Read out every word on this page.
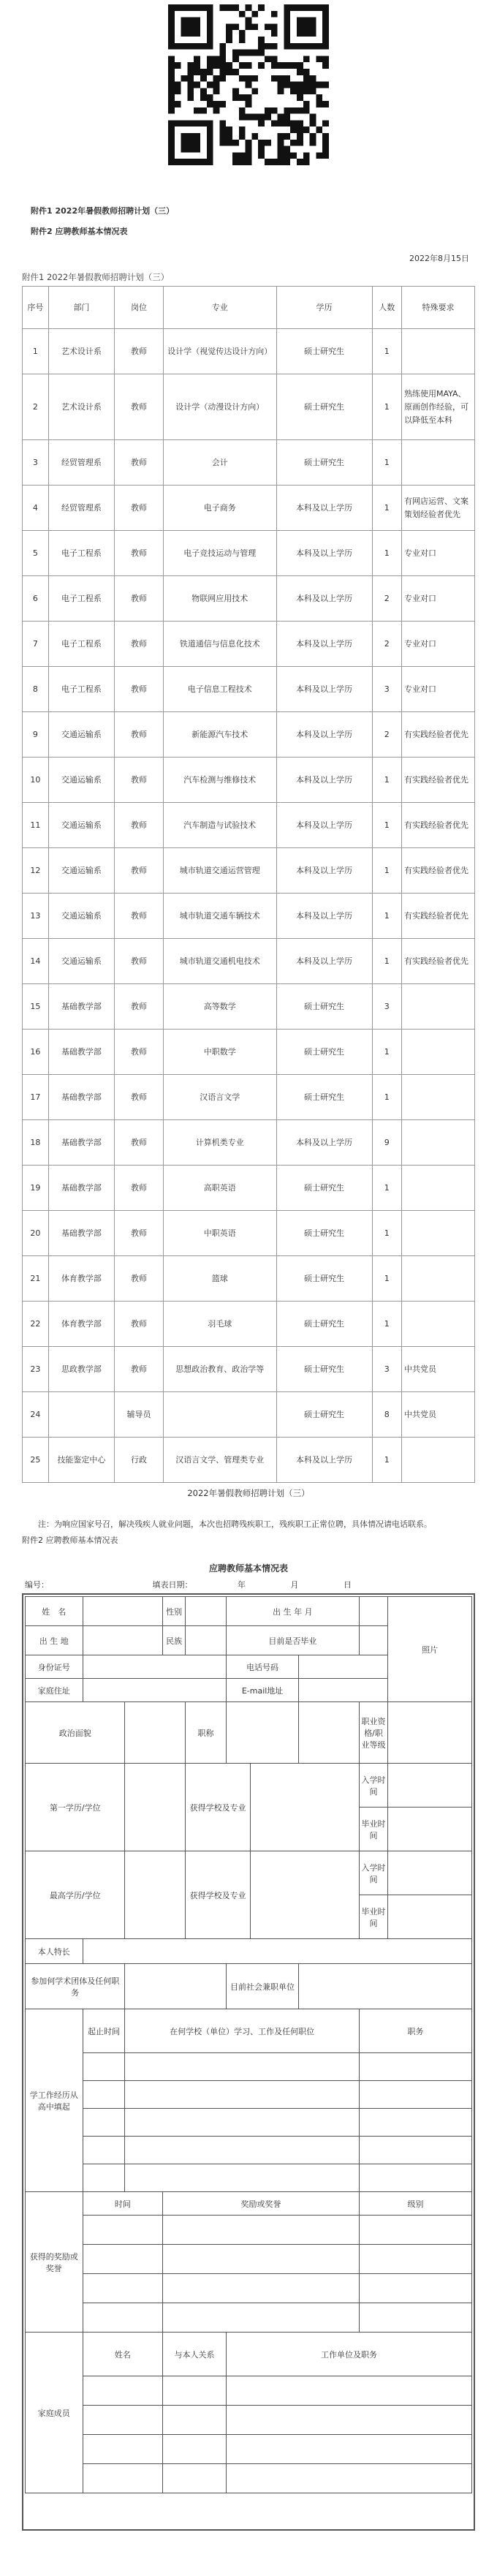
附件1 2022年暑假教师招聘计划（三）
附件2 应聘教师基本情况表
2022年8月15日
附件1 2022年暑假教师招聘计划（三）
序号	部门	岗位	专业	学历	人数	特殊要求
1	艺术设计系	教师	设计学（视觉传达设计方向）	硕士研究生	1	
2	艺术设计系	教师	设计学（动漫设计方向）	硕士研究生	1	熟练使用MAYA、原画创作经验，可以降低至本科
3	经贸管理系	教师	会计	硕士研究生	1	
4	经贸管理系	教师	电子商务	本科及以上学历	1	有网店运营、文案策划经验者优先
5	电子工程系	教师	电子竞技运动与管理	本科及以上学历	1	专业对口
6	电子工程系	教师	物联网应用技术	本科及以上学历	2	专业对口
7	电子工程系	教师	铁道通信与信息化技术	本科及以上学历	2	专业对口
8	电子工程系	教师	电子信息工程技术	本科及以上学历	3	专业对口
9	交通运输系	教师	新能源汽车技术	本科及以上学历	2	有实践经验者优先
10	交通运输系	教师	汽车检测与维修技术	本科及以上学历	1	有实践经验者优先
11	交通运输系	教师	汽车制造与试验技术	本科及以上学历	1	有实践经验者优先
12	交通运输系	教师	城市轨道交通运营管理	本科及以上学历	1	有实践经验者优先
13	交通运输系	教师	城市轨道交通车辆技术	本科及以上学历	1	有实践经验者优先
14	交通运输系	教师	城市轨道交通机电技术	本科及以上学历	1	有实践经验者优先
15	基础教学部	教师	高等数学	硕士研究生	3	
16	基础教学部	教师	中职数学	硕士研究生	1	
17	基础教学部	教师	汉语言文学	硕士研究生	1	
18	基础教学部	教师	计算机类专业	本科及以上学历	9	
19	基础教学部	教师	高职英语	硕士研究生	1	
20	基础教学部	教师	中职英语	硕士研究生	1	
21	体育教学部	教师	篮球	硕士研究生	1	
22	体育教学部	教师	羽毛球	硕士研究生	1	
23	思政教学部	教师	思想政治教育、政治学等	硕士研究生	3	中共党员
24		辅导员		硕士研究生	8	中共党员
25	技能鉴定中心	行政	汉语言文学、管理类专业	本科及以上学历	1	
2022年暑假教师招聘计划（三）
注：为响应国家号召，解决残疾人就业问题，本次也招聘残疾职工，残疾职工正常位聘，具体情况请电话联系。
附件2 应聘教师基本情况表
应聘教师基本情况表
编号：	填表日期：	年	月	日
姓　名			性别		出 生 年 月				照片
出 生 地			民族		目前是否毕业				
身份证号					电话号码				
家庭住址					E-mail地址				
政治面貌				职称				职业资格/职业等级	
第一学历/学位				获得学校及专业				入学时间	
								毕业时间	
最高学历/学位				获得学校及专业				入学时间	
								毕业时间	
本人特长									
参加何学术团体及任何职务					目前社会兼职单位				
学工作经历从高中填起	起止时间	在何学校（单位）学习、工作及任何职位						职务	

获得的奖励或奖誉	时间		奖励或奖誉					级别	

家庭成员	姓名		与本人关系		工作单位及职务				
